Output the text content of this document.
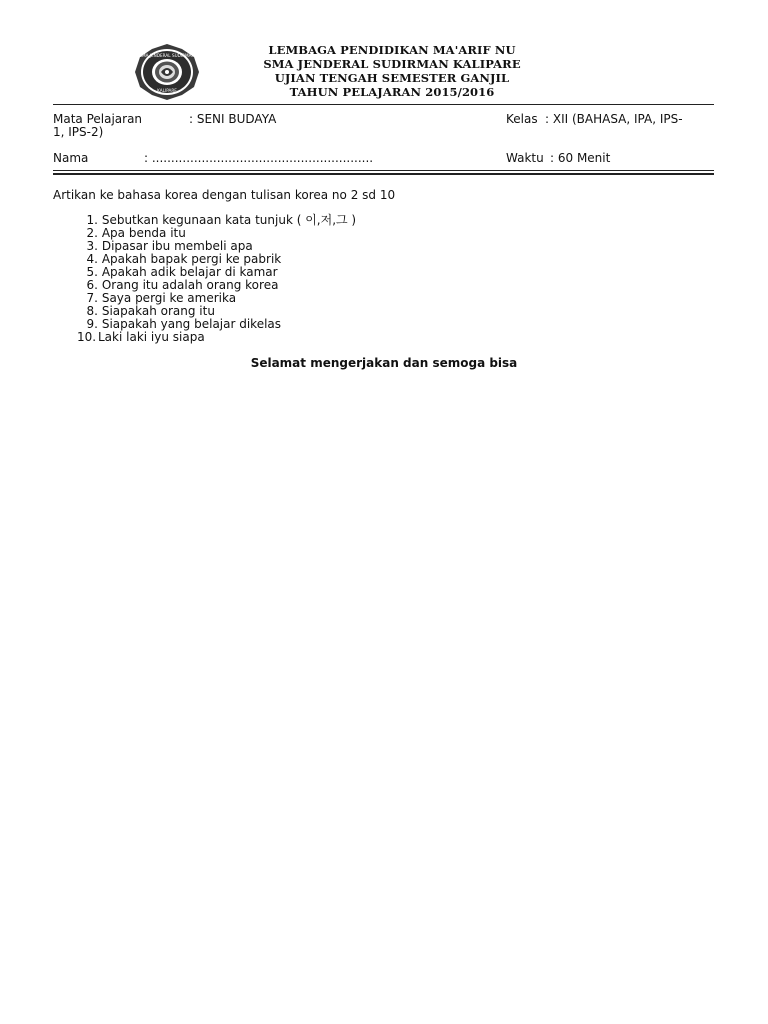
SMA JENDERAL SUDIRMAN
KALIPARE
LEMBAGA PENDIDIKAN MA'ARIF NU
SMA JENDERAL SUDIRMAN KALIPARE
UJIAN TENGAH SEMESTER GANJIL
TAHUN PELAJARAN 2015/2016
Mata Pelajaran	: SENI BUDAYA	Kelas : XII (BAHASA, IPA, IPS-
1, IPS-2)
Nama	: ..........................................................	Waktu : 60 Menit
Artikan ke bahasa korea dengan tulisan korea no 2 sd 10
1. Sebutkan kegunaan kata tunjuk ( 이,저,그 )
2. Apa benda itu
3. Dipasar ibu membeli apa
4. Apakah bapak pergi ke pabrik
5. Apakah adik belajar di kamar
6. Orang itu adalah orang korea
7. Saya pergi ke amerika
8. Siapakah orang itu
9. Siapakah yang belajar dikelas
10. Laki laki iyu siapa
Selamat mengerjakan dan semoga bisa
